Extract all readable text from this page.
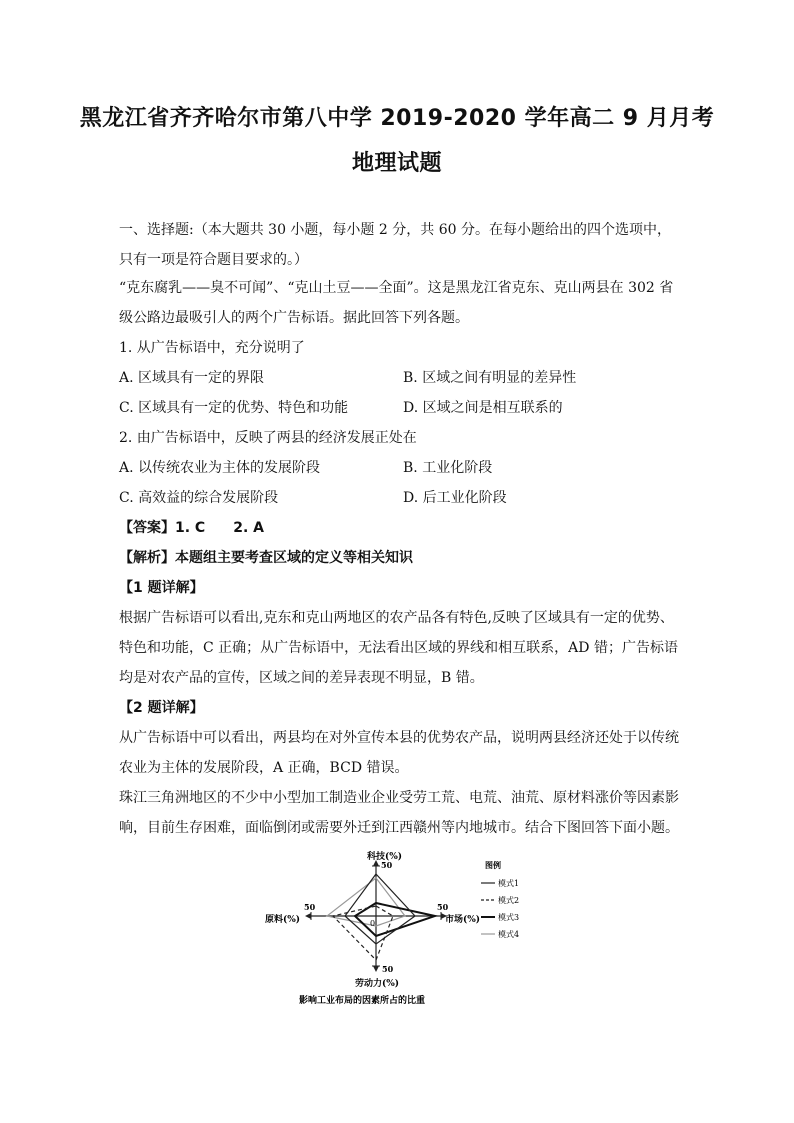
黑龙江省齐齐哈尔市第八中学 2019-2020 学年高二 9 月月考
地理试题
一、选择题:（本大题共 30 小题，每小题 2 分，共 60 分。在每小题给出的四个选项中，只有一项是符合题目要求的。）
“克东腐乳——臭不可闻”、“克山土豆——全面”。这是黑龙江省克东、克山两县在 302 省级公路边最吸引人的两个广告标语。据此回答下列各题。
1. 从广告标语中，充分说明了
A. 区域具有一定的界限	B. 区域之间有明显的差异性
C. 区域具有一定的优势、特色和功能	D. 区域之间是相互联系的
2. 由广告标语中，反映了两县的经济发展正处在
A. 以传统农业为主体的发展阶段	B. 工业化阶段
C. 高效益的综合发展阶段	D. 后工业化阶段
【答案】1. C　　2. A
【解析】本题组主要考查区域的定义等相关知识
【1 题详解】
根据广告标语可以看出,克东和克山两地区的农产品各有特色,反映了区域具有一定的优势、特色和功能，C 正确；从广告标语中，无法看出区域的界线和相互联系，AD 错；广告标语均是对农产品的宣传，区域之间的差异表现不明显，B 错。
【2 题详解】
从广告标语中可以看出，两县均在对外宣传本县的优势农产品，说明两县经济还处于以传统农业为主体的发展阶段，A 正确，BCD 错误。
珠江三角洲地区的不少中小型加工制造业企业受劳工荒、电荒、油荒、原材料涨价等因素影响，目前生存困难，面临倒闭或需要外迁到江西赣州等内地城市。结合下图回答下面小题。
科技(%)
50
市场(%)
50
原料(%)
50
劳动力(%)
50
0
图例
模式1
模式2
模式3
模式4
影响工业布局的因素所占的比重
